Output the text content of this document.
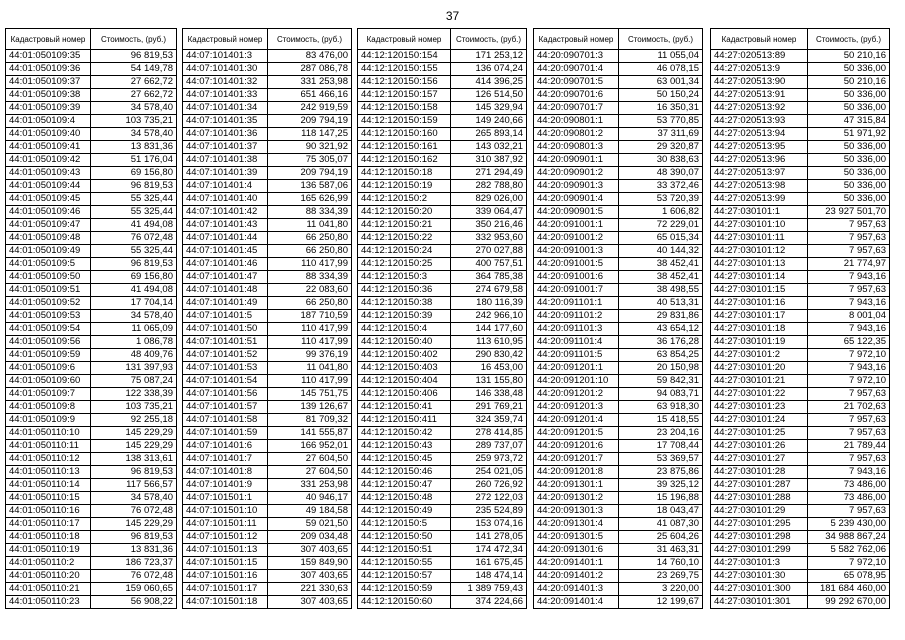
37
Кадастровый номер	Стоимость, (руб.)
44:01:050109:35	96 819,53
44:01:050109:36	54 149,78
44:01:050109:37	27 662,72
44:01:050109:38	27 662,72
44:01:050109:39	34 578,40
44:01:050109:4	103 735,21
44:01:050109:40	34 578,40
44:01:050109:41	13 831,36
44:01:050109:42	51 176,04
44:01:050109:43	69 156,80
44:01:050109:44	96 819,53
44:01:050109:45	55 325,44
44:01:050109:46	55 325,44
44:01:050109:47	41 494,08
44:01:050109:48	76 072,48
44:01:050109:49	55 325,44
44:01:050109:5	96 819,53
44:01:050109:50	69 156,80
44:01:050109:51	41 494,08
44:01:050109:52	17 704,14
44:01:050109:53	34 578,40
44:01:050109:54	11 065,09
44:01:050109:56	1 086,78
44:01:050109:59	48 409,76
44:01:050109:6	131 397,93
44:01:050109:60	75 087,24
44:01:050109:7	122 338,39
44:01:050109:8	103 735,21
44:01:050109:9	92 255,18
44:01:050110:10	145 229,29
44:01:050110:11	145 229,29
44:01:050110:12	138 313,61
44:01:050110:13	96 819,53
44:01:050110:14	117 566,57
44:01:050110:15	34 578,40
44:01:050110:16	76 072,48
44:01:050110:17	145 229,29
44:01:050110:18	96 819,53
44:01:050110:19	13 831,36
44:01:050110:2	186 723,37
44:01:050110:20	76 072,48
44:01:050110:21	159 060,65
44:01:050110:23	56 908,22
Кадастровый номер	Стоимость, (руб.)
44:07:101401:3	83 476,00
44:07:101401:30	287 086,78
44:07:101401:32	331 253,98
44:07:101401:33	651 466,16
44:07:101401:34	242 919,59
44:07:101401:35	209 794,19
44:07:101401:36	118 147,25
44:07:101401:37	90 321,92
44:07:101401:38	75 305,07
44:07:101401:39	209 794,19
44:07:101401:4	136 587,06
44:07:101401:40	165 626,99
44:07:101401:42	88 334,39
44:07:101401:43	11 041,80
44:07:101401:44	66 250,80
44:07:101401:45	66 250,80
44:07:101401:46	110 417,99
44:07:101401:47	88 334,39
44:07:101401:48	22 083,60
44:07:101401:49	66 250,80
44:07:101401:5	187 710,59
44:07:101401:50	110 417,99
44:07:101401:51	110 417,99
44:07:101401:52	99 376,19
44:07:101401:53	11 041,80
44:07:101401:54	110 417,99
44:07:101401:56	145 751,75
44:07:101401:57	139 126,67
44:07:101401:58	81 709,32
44:07:101401:59	141 555,87
44:07:101401:6	166 952,01
44:07:101401:7	27 604,50
44:07:101401:8	27 604,50
44:07:101401:9	331 253,98
44:07:101501:1	40 946,17
44:07:101501:10	49 184,58
44:07:101501:11	59 021,50
44:07:101501:12	209 034,48
44:07:101501:13	307 403,65
44:07:101501:15	159 849,90
44:07:101501:16	307 403,65
44:07:101501:17	221 330,63
44:07:101501:18	307 403,65
Кадастровый номер	Стоимость, (руб.)
44:12:120150:154	171 253,12
44:12:120150:155	136 074,24
44:12:120150:156	414 396,25
44:12:120150:157	126 514,50
44:12:120150:158	145 329,94
44:12:120150:159	149 240,66
44:12:120150:160	265 893,14
44:12:120150:161	143 032,21
44:12:120150:162	310 387,92
44:12:120150:18	271 294,49
44:12:120150:19	282 788,80
44:12:120150:2	829 026,00
44:12:120150:20	339 064,47
44:12:120150:21	350 216,46
44:12:120150:22	332 953,60
44:12:120150:24	270 027,88
44:12:120150:25	400 757,51
44:12:120150:3	364 785,38
44:12:120150:36	274 679,58
44:12:120150:38	180 116,39
44:12:120150:39	242 966,10
44:12:120150:4	144 177,60
44:12:120150:40	113 610,95
44:12:120150:402	290 830,42
44:12:120150:403	16 453,00
44:12:120150:404	131 155,80
44:12:120150:406	146 338,48
44:12:120150:41	291 769,21
44:12:120150:411	324 359,74
44:12:120150:42	278 414,85
44:12:120150:43	289 737,07
44:12:120150:45	259 973,72
44:12:120150:46	254 021,05
44:12:120150:47	260 726,92
44:12:120150:48	272 122,03
44:12:120150:49	235 524,89
44:12:120150:5	153 074,16
44:12:120150:50	141 278,05
44:12:120150:51	174 472,34
44:12:120150:55	161 675,45
44:12:120150:57	148 474,14
44:12:120150:59	1 389 759,43
44:12:120150:60	374 224,66
Кадастровый номер	Стоимость, (руб.)
44:20:090701:3	11 055,04
44:20:090701:4	46 078,15
44:20:090701:5	63 001,34
44:20:090701:6	50 150,24
44:20:090701:7	16 350,31
44:20:090801:1	53 770,85
44:20:090801:2	37 311,69
44:20:090801:3	29 320,87
44:20:090901:1	30 838,63
44:20:090901:2	48 390,07
44:20:090901:3	33 372,46
44:20:090901:4	53 720,39
44:20:090901:5	1 606,82
44:20:091001:1	72 229,01
44:20:091001:2	65 015,34
44:20:091001:3	40 144,32
44:20:091001:5	38 452,41
44:20:091001:6	38 452,41
44:20:091001:7	38 498,55
44:20:091101:1	40 513,31
44:20:091101:2	29 831,86
44:20:091101:3	43 654,12
44:20:091101:4	36 176,28
44:20:091101:5	63 854,25
44:20:091201:1	20 150,98
44:20:091201:10	59 842,31
44:20:091201:2	94 083,71
44:20:091201:3	63 918,30
44:20:091201:4	15 418,55
44:20:091201:5	23 204,16
44:20:091201:6	17 708,44
44:20:091201:7	53 369,57
44:20:091201:8	23 875,86
44:20:091301:1	39 325,12
44:20:091301:2	15 196,88
44:20:091301:3	18 043,47
44:20:091301:4	41 087,30
44:20:091301:5	25 604,26
44:20:091301:6	31 463,31
44:20:091401:1	14 760,10
44:20:091401:2	23 269,75
44:20:091401:3	3 220,00
44:20:091401:4	12 199,67
Кадастровый номер	Стоимость, (руб.)
44:27:020513:89	50 210,16
44:27:020513:9	50 336,00
44:27:020513:90	50 210,16
44:27:020513:91	50 336,00
44:27:020513:92	50 336,00
44:27:020513:93	47 315,84
44:27:020513:94	51 971,92
44:27:020513:95	50 336,00
44:27:020513:96	50 336,00
44:27:020513:97	50 336,00
44:27:020513:98	50 336,00
44:27:020513:99	50 336,00
44:27:030101:1	23 927 501,70
44:27:030101:10	7 957,63
44:27:030101:11	7 957,63
44:27:030101:12	7 957,63
44:27:030101:13	21 774,97
44:27:030101:14	7 943,16
44:27:030101:15	7 957,63
44:27:030101:16	7 943,16
44:27:030101:17	8 001,04
44:27:030101:18	7 943,16
44:27:030101:19	65 122,35
44:27:030101:2	7 972,10
44:27:030101:20	7 943,16
44:27:030101:21	7 972,10
44:27:030101:22	7 957,63
44:27:030101:23	21 702,63
44:27:030101:24	7 957,63
44:27:030101:25	7 957,63
44:27:030101:26	21 789,44
44:27:030101:27	7 957,63
44:27:030101:28	7 943,16
44:27:030101:287	73 486,00
44:27:030101:288	73 486,00
44:27:030101:29	7 957,63
44:27:030101:295	5 239 430,00
44:27:030101:298	34 988 867,24
44:27:030101:299	5 582 762,06
44:27:030101:3	7 972,10
44:27:030101:30	65 078,95
44:27:030101:300	181 684 460,00
44:27:030101:301	99 292 670,00
